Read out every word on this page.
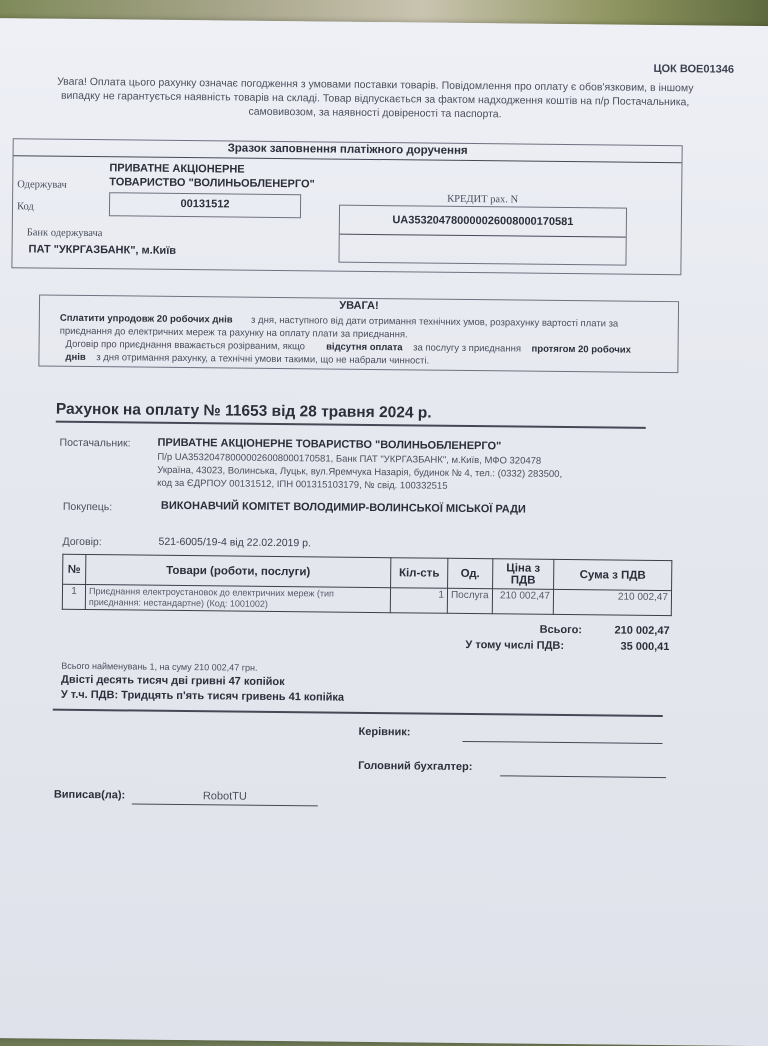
ЦОК ВОЕ01346
Увага! Оплата цього рахунку означає погодження з умовами поставки товарів. Повідомлення про оплату є обов'язковим, в іншому
випадку не гарантується наявність товарів на складі. Товар відпускається за фактом надходження коштів на п/р Постачальника,
самовивозом, за наявності довіреності та паспорта.
Зразок заповнення платіжного доручення
Одержувач
ПРИВАТНЕ АКЦІОНЕРНЕ
ТОВАРИСТВО "ВОЛИНЬОБЛЕНЕРГО"
Код	00131512	КРЕДИТ рах. N
UA353204780000026008000170581
Банк одержувача
ПАТ "УКРГАЗБАНК", м.Київ
УВАГА!
Сплатити упродовж 20 робочих днів з дня, наступного від дати отримання технічних умов, розрахунку вартості плати за
приєднання до електричних мереж та рахунку на оплату плати за приєднання.
Договір про приєднання вважається розірваним, якщо відсутня оплата за послугу з приєднання протягом 20 робочих
днів з дня отримання рахунку, а технічні умови такими, що не набрали чинності.
Рахунок на оплату № 11653 від 28 травня 2024 р.
Постачальник: ПРИВАТНЕ АКЦІОНЕРНЕ ТОВАРИСТВО "ВОЛИНЬОБЛЕНЕРГО"
П/р UA353204780000026008000170581, Банк ПАТ "УКРГАЗБАНК", м.Київ, МФО 320478
Україна, 43023, Волинська, Луцьк, вул.Яремчука Назарія, будинок № 4, тел.: (0332) 283500,
код за ЄДРПОУ 00131512, ІПН 001315103179, № свід. 100332515
Покупець:	ВИКОНАВЧИЙ КОМІТЕТ ВОЛОДИМИР-ВОЛИНСЬКОЇ МІСЬКОЇ РАДИ
Договір:	521-6005/19-4 від 22.02.2019 р.
№	Товари (роботи, послуги)	Кіл-сть	Од.	Ціна з ПДВ	Сума з ПДВ
1	Приєднання електроустановок до електричних мереж (тип приєднання: нестандартне) (Код: 1001002)	1	Послуга	210 002,47	210 002,47
Всього:	210 002,47
У тому числі ПДВ:	35 000,41
Всього найменувань 1, на суму 210 002,47 грн.
Двісті десять тисяч дві гривні 47 копійок
У т.ч. ПДВ: Тридцять п'ять тисяч гривень 41 копійка
Керівник:
Головний бухгалтер:
Виписав(ла):	RobotTU
